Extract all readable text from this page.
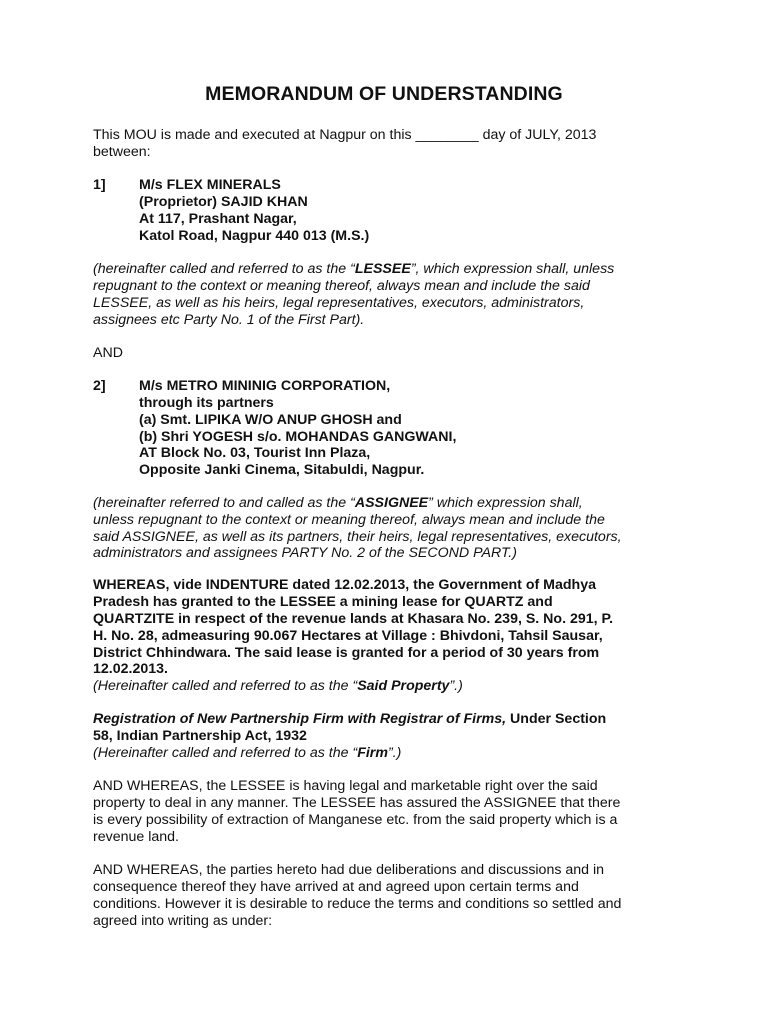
MEMORANDUM OF UNDERSTANDING
This MOU is made and executed at Nagpur on this ________ day of JULY, 2013
between:
1] M/s FLEX MINERALS
(Proprietor) SAJID KHAN
At 117, Prashant Nagar,
Katol Road, Nagpur 440 013 (M.S.)
(hereinafter called and referred to as the “LESSEE”, which expression shall, unless
repugnant to the context or meaning thereof, always mean and include the said
LESSEE, as well as his heirs, legal representatives, executors, administrators,
assignees etc Party No. 1 of the First Part).
AND
2] M/s METRO MININIG CORPORATION,
through its partners
(a) Smt. LIPIKA W/O ANUP GHOSH and
(b) Shri YOGESH s/o. MOHANDAS GANGWANI,
AT Block No. 03, Tourist Inn Plaza,
Opposite Janki Cinema, Sitabuldi, Nagpur.
(hereinafter referred to and called as the “ASSIGNEE” which expression shall,
unless repugnant to the context or meaning thereof, always mean and include the
said ASSIGNEE, as well as its partners, their heirs, legal representatives, executors,
administrators and assignees PARTY No. 2 of the SECOND PART.)
WHEREAS, vide INDENTURE dated 12.02.2013, the Government of Madhya
Pradesh has granted to the LESSEE a mining lease for QUARTZ and
QUARTZITE in respect of the revenue lands at Khasara No. 239, S. No. 291, P.
H. No. 28, admeasuring 90.067 Hectares at Village : Bhivdoni, Tahsil Sausar,
District Chhindwara. The said lease is granted for a period of 30 years from
12.02.2013.
(Hereinafter called and referred to as the “Said Property”.)
Registration of New Partnership Firm with Registrar of Firms, Under Section
58, Indian Partnership Act, 1932
(Hereinafter called and referred to as the “Firm”.)
AND WHEREAS, the LESSEE is having legal and marketable right over the said
property to deal in any manner. The LESSEE has assured the ASSIGNEE that there
is every possibility of extraction of Manganese etc. from the said property which is a
revenue land.
AND WHEREAS, the parties hereto had due deliberations and discussions and in
consequence thereof they have arrived at and agreed upon certain terms and
conditions. However it is desirable to reduce the terms and conditions so settled and
agreed into writing as under:
